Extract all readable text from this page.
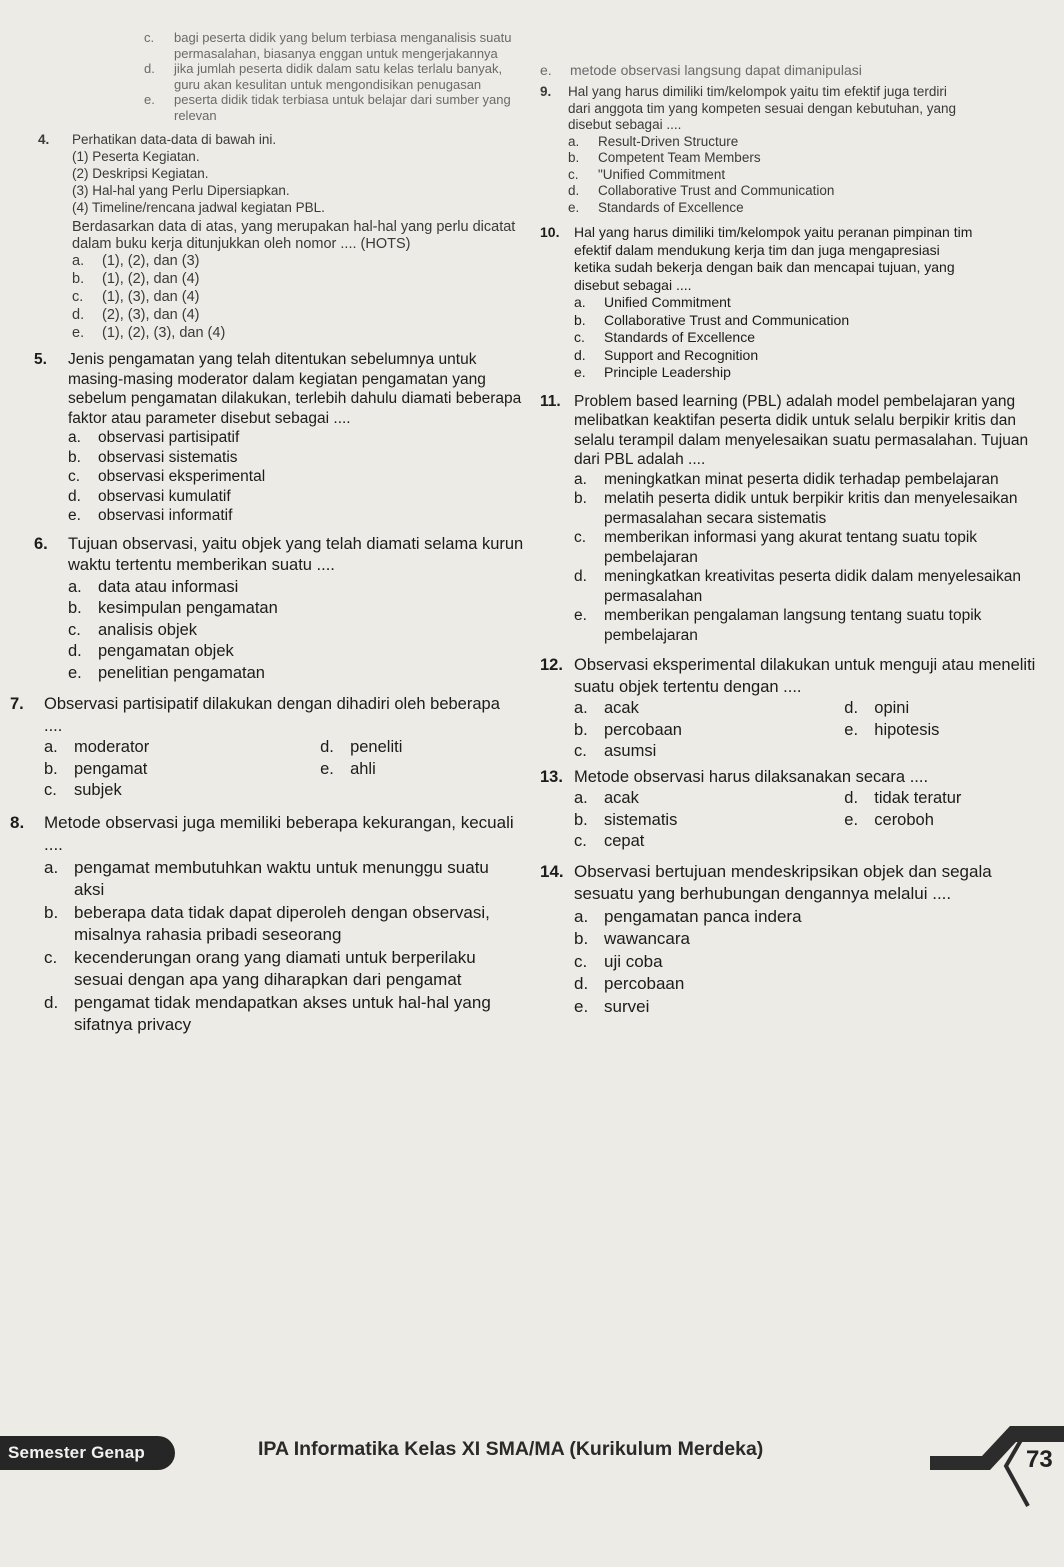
c.	bagi peserta didik yang belum terbiasa menganalisis suatu permasalahan, biasanya enggan untuk mengerjakannya
d.	jika jumlah peserta didik dalam satu kelas terlalu banyak, guru akan kesulitan untuk mengondisikan penugasan
e.	peserta didik tidak terbiasa untuk belajar dari sumber yang relevan
4.	Perhatikan data-data di bawah ini.
(1) Peserta Kegiatan.
(2) Deskripsi Kegiatan.
(3) Hal-hal yang Perlu Dipersiapkan.
(4) Timeline/rencana jadwal kegiatan PBL.
Berdasarkan data di atas, yang merupakan hal-hal yang perlu dicatat dalam buku kerja ditunjukkan oleh nomor .... (HOTS)
a.	(1), (2), dan (3)
b.	(1), (2), dan (4)
c.	(1), (3), dan (4)
d.	(2), (3), dan (4)
e.	(1), (2), (3), dan (4)
5.	Jenis pengamatan yang telah ditentukan sebelumnya untuk masing-masing moderator dalam kegiatan pengamatan yang sebelum pengamatan dilakukan, terlebih dahulu diamati beberapa faktor atau parameter disebut sebagai ....
a.	observasi partisipatif
b.	observasi sistematis
c.	observasi eksperimental
d.	observasi kumulatif
e.	observasi informatif
6.	Tujuan observasi, yaitu objek yang telah diamati selama kurun waktu tertentu memberikan suatu ....
a. data atau informasi
b. kesimpulan pengamatan
c.	analisis objek
d. pengamatan objek
e. penelitian pengamatan
7.	Observasi partisipatif dilakukan dengan dihadiri oleh beberapa ....
a. moderator	d. peneliti
b. pengamat	e. ahli
c.	subjek
8.	Metode observasi juga memiliki beberapa kekurangan, kecuali ....
a. pengamat membutuhkan waktu untuk menunggu suatu aksi
b. beberapa data tidak dapat diperoleh dengan observasi, misalnya rahasia pribadi seseorang
c. kecenderungan orang yang diamati untuk berperilaku sesuai dengan apa yang diharapkan dari pengamat
d. pengamat tidak mendapatkan akses untuk hal-hal yang sifatnya privacy
e.	metode observasi langsung dapat dimanipulasi
9.	Hal yang harus dimiliki tim/kelompok yaitu tim efektif juga terdiri dari anggota tim yang kompeten sesuai dengan kebutuhan, yang disebut sebagai ....
a.	Result-Driven Structure
b.	Competent Team Members
c.	"Unified Commitment
d.	Collaborative Trust and Communication
e.	Standards of Excellence
10.	Hal yang harus dimiliki tim/kelompok yaitu peranan pimpinan tim efektif dalam mendukung kerja tim dan juga mengapresiasi ketika sudah bekerja dengan baik dan mencapai tujuan, yang disebut sebagai ....
a.	Unified Commitment
b.	Collaborative Trust and Communication
c.	Standards of Excellence
d.	Support and Recognition
e.	Principle Leadership
11. Problem based learning (PBL) adalah model pembelajaran yang melibatkan keaktifan peserta didik untuk selalu berpikir kritis dan selalu terampil dalam menyelesaikan suatu permasalahan. Tujuan dari PBL adalah ....
a.	meningkatkan minat peserta didik terhadap pembelajaran
b.	melatih peserta didik untuk berpikir kritis dan menyelesaikan permasalahan secara sistematis
c.	memberikan informasi yang akurat tentang suatu topik pembelajaran
d.	meningkatkan kreativitas peserta didik dalam menyelesaikan permasalahan
e.	memberikan pengalaman langsung tentang suatu topik pembelajaran
12. Observasi eksperimental dilakukan untuk menguji atau meneliti suatu objek tertentu dengan ....
a. acak	d. opini
b. percobaan	e. hipotesis
c.	asumsi
13. Metode observasi harus dilaksanakan secara ....
a. acak	d. tidak teratur
b. sistematis	e. ceroboh
c.	cepat
14. Observasi bertujuan mendeskripsikan objek dan segala sesuatu yang berhubungan dengannya melalui ....
a. pengamatan panca indera
b. wawancara
c. uji coba
d. percobaan
e. survei
Semester Genap	IPA Informatika Kelas XI SMA/MA (Kurikulum Merdeka)	73
